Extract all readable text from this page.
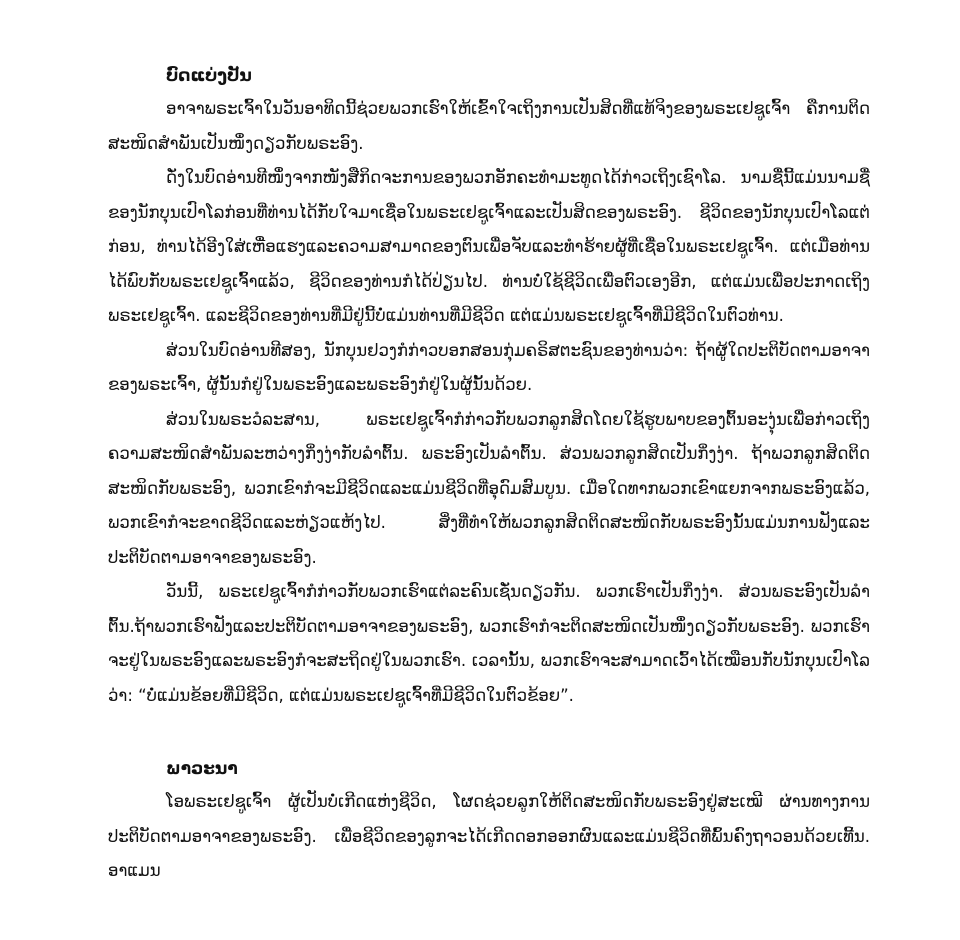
ບົດແບ່ງປັນ

ອາຈາພຣະເຈົ້າໃນວັນອາທິດນີ້ຊ່ວຍພວກເຮົາໃຫ້ເຂົ້າໃຈເຖິງການເປັນສິດທີ່ແທ້ຈິງຂອງພຣະເຢຊູເຈົ້າ ຄືການຕິດສະໜິດສຳພັນເປັນໜຶ່ງດຽວກັບພຣະອົງ.

ດັ່ງໃນບົດອ່ານທີໜຶ່ງຈາກໜັງສືກິດຈະການຂອງພວກອັກຄະທຳມະທູດໄດ້ກ່າວເຖິງເຊົາໂລ. ນາມຊື່ນີ້ແມ່ນນາມຊື່ຂອງນັກບຸນເປົາໂລກ່ອນທີ່ທ່ານໄດ້ກັບໃຈມາເຊື່ອໃນພຣະເຢຊູເຈົ້າແລະເປັນສິດຂອງພຣະອົງ. ຊີວິດຂອງນັກບຸນເປົາໂລແຕ່ກ່ອນ, ທ່ານໄດ້ອີງໃສ່ເຫື່ອແຮງແລະຄວາມສາມາດຂອງຕົນເພື່ອຈັບແລະທຳຮ້າຍຜູ້ທີ່ເຊື່ອໃນພຣະເຢຊູເຈົ້າ. ແຕ່ເມື່ອທ່ານໄດ້ພົບກັບພຣະເຢຊູເຈົ້າແລ້ວ, ຊີວິດຂອງທ່ານກໍໄດ້ປ່ຽນໄປ. ທ່ານບໍ່ໃຊ້ຊີວິດເພື່ອຕົວເອງອີກ, ແຕ່ແມ່ນເພື່ອປະກາດເຖິງພຣະເຢຊູເຈົ້າ. ແລະຊີວິດຂອງທ່ານທີ່ມີຢູ່ນີ້ບໍ່ແມ່ນທ່ານທີ່ມີຊີວິດ ແຕ່ແມ່ນພຣະເຢຊູເຈົ້າທີ່ມີຊີວິດໃນຕົວທ່ານ.

ສ່ວນໃນບົດອ່ານທີສອງ, ນັກບຸນຢວງກໍກ່າວບອກສອນກຸ່ມຄຣິສຕະຊົນຂອງທ່ານວ່າ: ຖ້າຜູ້ໃດປະຕິບັດຕາມອາຈາຂອງພຣະເຈົ້າ, ຜູ້ນັ້ນກໍຢູ່ໃນພຣະອົງແລະພຣະອົງກໍຢູ່ໃນຜູ້ນັ້ນດ້ວຍ.

ສ່ວນໃນພຣະວໍລະສານ, ພຣະເຢຊູເຈົ້າກໍກ່າວກັບພວກລູກສິດໂດຍໃຊ້ຮູບພາບຂອງຕົ້ນອະງຸ່ນເພື່ອກ່າວເຖິງຄວາມສະໜິດສຳພັນລະຫວ່າງກິ່ງງ່າກັບລຳຕົ້ນ. ພຣະອົງເປັນລຳຕົ້ນ. ສ່ວນພວກລູກສິດເປັນກິ່ງງ່າ. ຖ້າພວກລູກສິດຕິດສະໜິດກັບພຣະອົງ, ພວກເຂົາກໍຈະມີຊີວິດແລະແມ່ນຊີວິດທີ່ອຸດົມສົມບູນ. ເມື່ອໃດທາກພວກເຂົາແຍກຈາກພຣະອົງແລ້ວ, ພວກເຂົາກໍຈະຂາດຊີວິດແລະຫ່ຽວແຫ້ງໄປ. ສິ່ງທີ່ທຳໃຫ້ພວກລູກສິດຕິດສະໜິດກັບພຣະອົງນັ້ນແມ່ນການຟັງແລະປະຕິບັດຕາມອາຈາຂອງພຣະອົງ.

ວັນນີ້, ພຣະເຢຊູເຈົ້າກໍກ່າວກັບພວກເຮົາແຕ່ລະຄົນເຊັ່ນດຽວກັນ. ພວກເຮົາເປັນກິ່ງງ່າ. ສ່ວນພຣະອົງເປັນລຳຕົ້ນ.ຖ້າພວກເຮົາຟັງແລະປະຕິບັດຕາມອາຈາຂອງພຣະອົງ, ພວກເຮົາກໍຈະຕິດສະໜິດເປັນໜຶ່ງດຽວກັບພຣະອົງ. ພວກເຮົາຈະຢູ່ໃນພຣະອົງແລະພຣະອົງກໍຈະສະຖິດຢູ່ໃນພວກເຮົາ. ເວລານັ້ນ, ພວກເຮົາຈະສາມາດເວົ້າໄດ້ເໝືອນກັບນັກບຸນເປົາໂລວ່າ: “ບໍ່ແມ່ນຂ້ອຍທີ່ມີຊີວິດ, ແຕ່ແມ່ນພຣະເຢຊູເຈົ້າທີ່ມີຊີວິດໃນຕົວຂ້ອຍ”.

ພາວະນາ

ໂອພຣະເຢຊູເຈົ້າ ຜູ້ເປັນບໍ່ເກີດແຫ່ງຊີວິດ, ໂຜດຊ່ວຍລູກໃຫ້ຕິດສະໜິດກັບພຣະອົງຢູ່ສະເໝີ ຜ່ານທາງການປະຕິບັດຕາມອາຈາຂອງພຣະອົງ. ເພື່ອຊີວິດຂອງລູກຈະໄດ້ເກີດດອກອອກຜົນແລະແມ່ນຊີວິດທີ່ພົ້ນຄົງຖາວອນດ້ວຍເທີ້ນ. ອາແມນ
